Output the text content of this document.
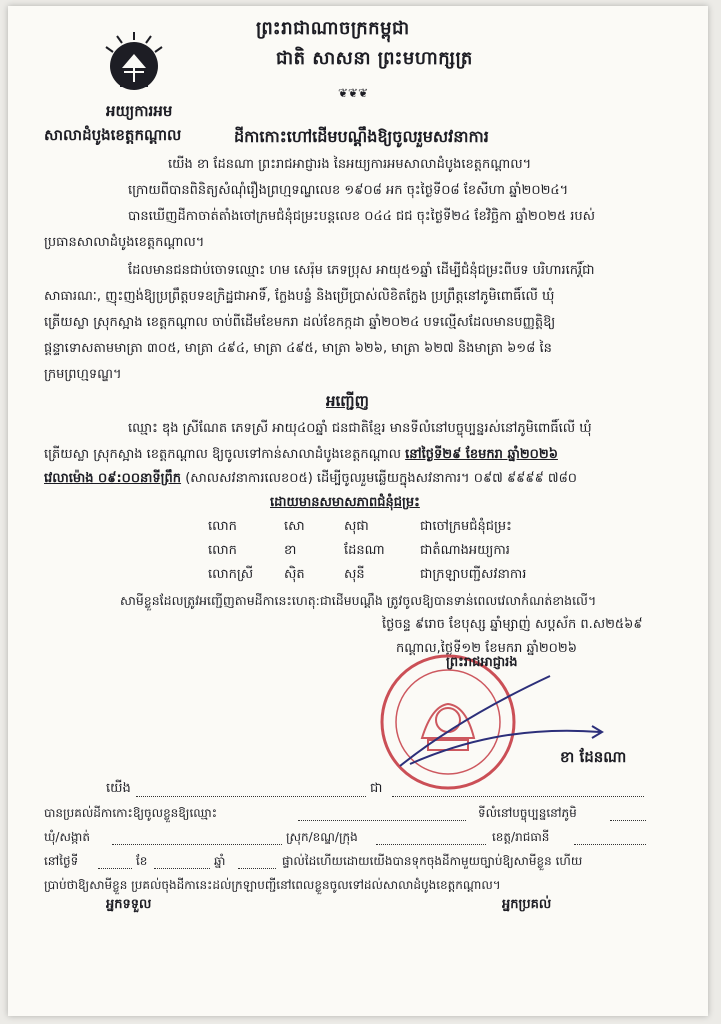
ព្រះរាជាណាចក្រកម្ពុជា
ជាតិ សាសនា ព្រះមហាក្សត្រ
❦❦❦
អយ្យការអម
សាលាដំបូងខេត្តកណ្តាល	ដីកាកោះហៅដើមបណ្តឹងឱ្យចូលរួមសវនាការ
យើង ខា ដែនណា ព្រះរាជអាជ្ញារង នៃអយ្យការអមសាលាដំបូងខេត្តកណ្តាល។
ក្រោយពីបានពិនិត្យសំណុំរឿងព្រហ្មទណ្ឌលេខ ១៩០៨ អក ចុះថ្ងៃទី០៨ ខែសីហា ឆ្នាំ២០២៤។
បានឃើញដីកាចាត់តាំងចៅក្រមជំនុំជម្រះបន្តលេខ ០៤៤ ជជ ចុះថ្ងៃទី២៤ ខែវិច្ឆិកា ឆ្នាំ២០២៥ របស់
ប្រធានសាលាដំបូងខេត្តកណ្តាល។
ដែលមានជនជាប់ចោទឈ្មោះ ហម សេរ៉ុម ភេទប្រុស អាយុ៥១ឆ្នាំ ដើម្បីជំនុំជម្រះពីបទ បរិហារកេរ្តិ៍ជា
សាធារណៈ, ញុះញង់ឱ្យប្រព្រឹត្តបទឧក្រិដ្ឋជាអាទិ៍, ក្លែងបន្លំ និងប្រើប្រាស់លិខិតក្លែង ប្រព្រឹត្តនៅភូមិពោធិ៍លើ ឃុំ
ត្រើយស្លា ស្រុកស្អាង ខេត្តកណ្តាល ចាប់ពីដើមខែមករា ដល់ខែកក្កដា ឆ្នាំ២០២៤ បទល្មើសដែលមានបញ្ញត្តិឱ្យ
ផ្តន្ទាទោសតាមមាត្រា ៣០៥, មាត្រា ៤៩៤, មាត្រា ៤៩៥, មាត្រា ៦២៦, មាត្រា ៦២៧ និងមាត្រា ៦១៨ នៃ
ក្រមព្រហ្មទណ្ឌ។
អញ្ជើញ
ឈ្មោះ ឌុង ស្រីណែត ភេទស្រី អាយុ៤០ឆ្នាំ ជនជាតិខ្មែរ មានទីលំនៅបច្ចុប្បន្នរស់នៅភូមិពោធិ៍លើ ឃុំ
ត្រើយស្លា ស្រុកស្អាង ខេត្តកណ្តាល ឱ្យចូលទៅកាន់សាលាដំបូងខេត្តកណ្តាល នៅថ្ងៃទី២៩ ខែមករា ឆ្នាំ២០២៦
វេលាម៉ោង ០៩:០០នាទីព្រឹក (សាលសវនាការលេខ០៥) ដើម្បីចូលរួមឆ្លើយក្នុងសវនាការ។ ០៩៧ ៩៩៩៩ ៧៨០
ដោយមានសមាសភាពជំនុំជម្រះ
លោក	សោ	សុផា	ជាចៅក្រមជំនុំជម្រះ
លោក	ខា	ដែនណា	ជាតំណាងអយ្យការ
លោកស្រី ស៊ិត	សុនី	ជាក្រឡាបញ្ជីសវនាការ
សាមីខ្លួនដែលត្រូវអញ្ជើញតាមដីកានេះហេតុ:ជាដើមបណ្តឹង ត្រូវចូលឱ្យបានទាន់ពេលវេលាកំណត់ខាងលើ។
ថ្ងៃចន្ទ ៩រោច ខែបុស្ស ឆ្នាំម្សាញ់ សប្តស័ក ព.ស២៥៦៩
កណ្តាល,ថ្ងៃទី១២ ខែមករា ឆ្នាំ២០២៦
ព្រះរាជអាជ្ញារង
ខា ដែនណា
យើង	ជា
បានប្រគល់ដីកាកោះឱ្យចូលខ្លួនឱ្យឈ្មោះ	ទីលំនៅបច្ចុប្បន្ននៅភូមិ
ឃុំ/សង្កាត់	ស្រុក/ខណ្ឌ/ក្រុង	ខេត្ត/រាជធានី
នៅថ្ងៃទី	ខែ	ឆ្នាំ	ផ្ទាល់ដៃហើយដោយយើងបានទុកចុងដីកាមួយច្បាប់ឱ្យសាមីខ្លួន ហើយ
ប្រាប់ថាឱ្យសាមីខ្លួន ប្រគល់ចុងដីកានេះដល់ក្រឡាបញ្ជីនៅពេលខ្លួនចូលទៅដល់សាលាដំបូងខេត្តកណ្តាល។
អ្នកទទួល	អ្នកប្រគល់
